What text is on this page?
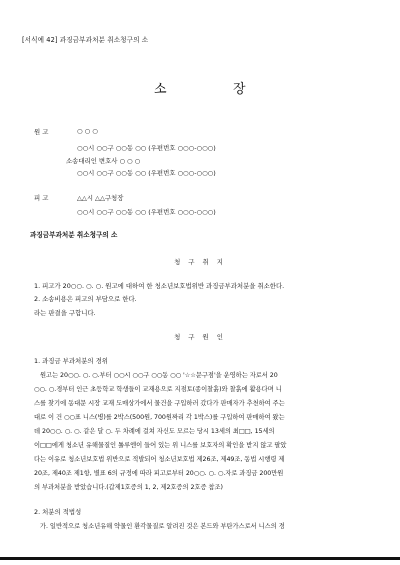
[서식예 42] 과징금부과처분 취소청구의 소
소	장
원 고	○ ○ ○
○○시 ○○구 ○○동 ○○ (우편번호 ○○○-○○○)
소송대리인 변호사 ○ ○ ○
○○시 ○○구 ○○동 ○○ (우편번호 ○○○-○○○)
피 고	△△시 △△구청장
○○시 ○○구 ○○동 ○○ (우편번호 ○○○-○○○)
과징금부과처분 취소청구의 소
청 구 취 지
1. 피고가 20○○. ○. ○. 원고에 대하여 한 청소년보호법위반 과징금부과처분을 취소한다.
2. 소송비용은 피고의 부담으로 한다.
라는 판결을 구합니다.
청 구 원 인
1. 과징금 부과처분의 경위
원고는 20○○. ○. ○.부터 ○○시 ○○구 ○○동 ○○ '☆☆문구점'을 운영하는 자로서 20
○○. ○.경부터 인근 초등학교 학생들이 교재용으로 지점토(종이찰흙)와 찰흙에 활용다며 니
스를 찾기에 동대문 시장 교재 도매상가에서 물건을 구입하러 갔다가 판매자가 추천하여 주는
대로 이 건 ○○표 니스(병)를 2박스(500원, 700원짜리 각 1박스)를 구입하여 판매하여 왔는
데 20○○. ○. ○. 같은 달 ○. 두 차례에 걸쳐 자신도 모르는 당시 13세의 최□□, 15세의
이□□에게 청소년 유해물질인 톨루엔이 들어 있는 위 니스를 보호자의 확인을 받지 않고 팔았
다는 이유로 청소년보호법 위반으로 적발되어 청소년보호법 제26조, 제49조, 동법 시행령 제
20조, 제40조 제1항, 별표 6의 규정에 따라 피고로부터 20○○. ○. ○.자로 과징금 200만원
의 부과처분을 받았습니다.(갑제1호증의 1, 2, 제2호증의 2호증 참조)
2. 처분의 적법성
가. 일반적으로 청소년유해 약물인 환각물질로 알려진 것은 본드와 부탄가스로서 니스의 경
